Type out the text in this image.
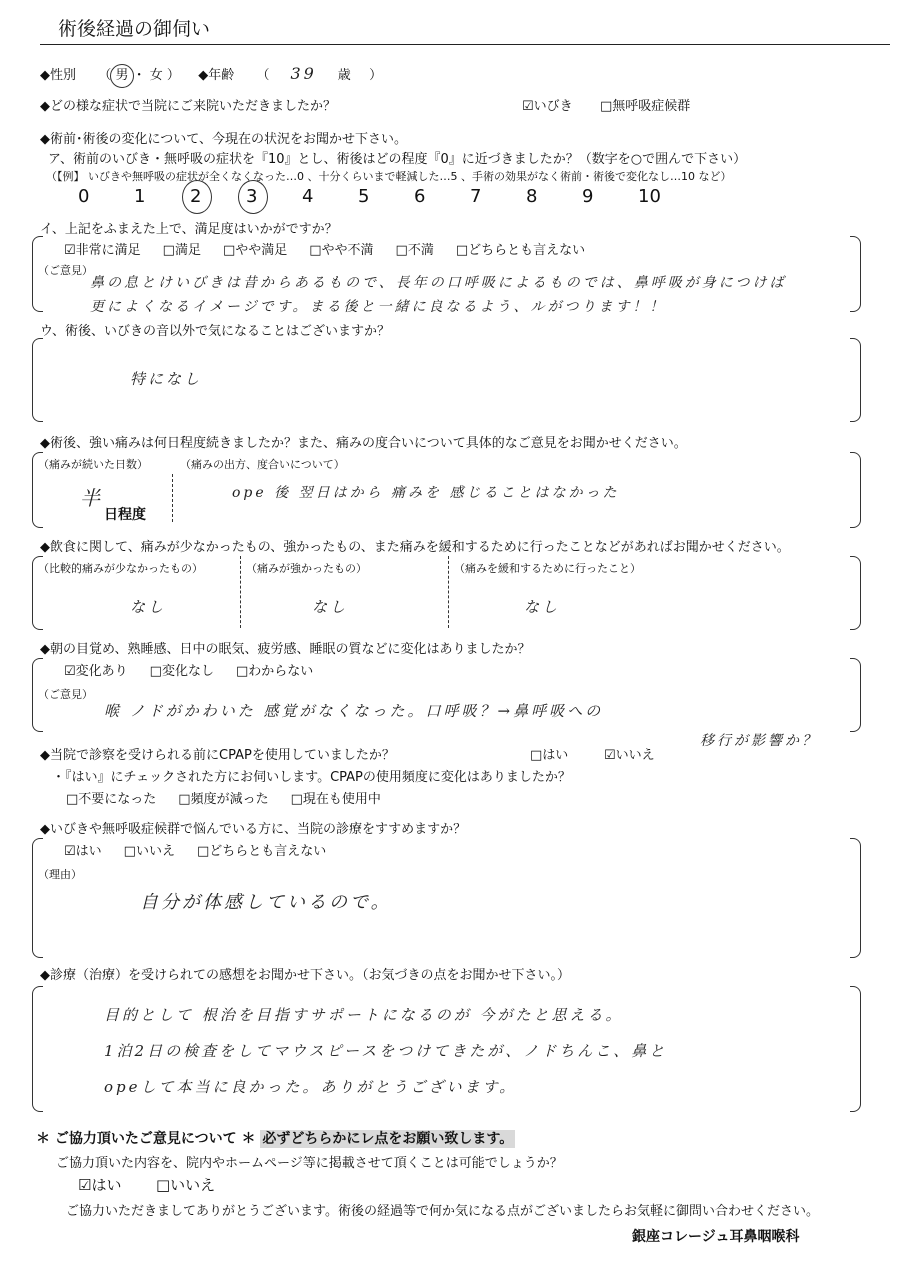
術後経過の御伺い
◆性別 （ 男 ・ 女 ） ◆年齢 （ 39 歳 ）
◆どの様な症状で当院にご来院いただきましたか？	☑いびき □無呼吸症候群
◆術前･術後の変化について、今現在の状況をお聞かせ下さい。
ア、術前のいびき・無呼吸の症状を『10』とし、術後はどの程度『0』に近づきましたか？（数字を○で囲んで下さい）
（【例】 いびきや無呼吸の症状が全くなくなった…0 、十分くらいまで軽減した…5 、手術の効果がなく術前・術後で変化なし…10 など）
0 1 2 3 4 5 6 7 8 9 10
イ、上記をふまえた上で、満足度はいかがですか？
☑非常に満足 □満足 □やや満足 □やや不満 □不満 □どちらとも言えない
（ご意見）
鼻の息とけいびきは昔からあるもので、長年の口呼吸によるものでは、鼻呼吸が身につけば
更によくなるイメージです。まる後と一緒に良なるよう、ルがつります！！
ウ、術後、いびきの音以外で気になることはございますか？
特になし
◆術後、強い痛みは何日程度続きましたか？また、痛みの度合いについて具体的なご意見をお聞かせください。
（痛みが続いた日数）
半
日程度
（痛みの出方、度合いについて）
ope 後 翌日はから 痛みを 感じることはなかった
◆飲食に関して、痛みが少なかったもの、強かったもの、また痛みを緩和するために行ったことなどがあればお聞かせください。
（比較的痛みが少なかったもの）
なし
（痛みが強かったもの）
なし
（痛みを緩和するために行ったこと）
なし
◆朝の目覚め、熟睡感、日中の眠気、疲労感、睡眠の質などに変化はありましたか？
☑変化あり □変化なし □わからない
（ご意見）
喉 ノドがかわいた 感覚がなくなった。口呼吸？→鼻呼吸への
移行が影響か？
◆当院で診察を受けられる前にCPAPを使用していましたか？	□はい	☑いいえ
・『はい』にチェックされた方にお伺いします。CPAPの使用頻度に変化はありましたか？
□不要になった □頻度が減った □現在も使用中
◆いびきや無呼吸症候群で悩んでいる方に、当院の診療をすすめますか？
☑はい □いいえ □どちらとも言えない
（理由）
自分が体感しているので。
◆診療（治療）を受けられての感想をお聞かせ下さい。（お気づきの点をお聞かせ下さい。）
目的として 根治を目指すサポートになるのが 今がたと思える。
1泊2日の検査をしてマウスピースをつけてきたが、ノドちんこ、鼻と
opeして本当に良かった。ありがとうございます。
＊ ご協力頂いたご意見について ＊ 必ずどちらかにレ点をお願い致します。
ご協力頂いた内容を、院内やホームページ等に掲載させて頂くことは可能でしょうか？
☑はい □いいえ
ご協力いただきましてありがとうございます。術後の経過等で何か気になる点がございましたらお気軽に御問い合わせください。
銀座コレージュ耳鼻咽喉科
